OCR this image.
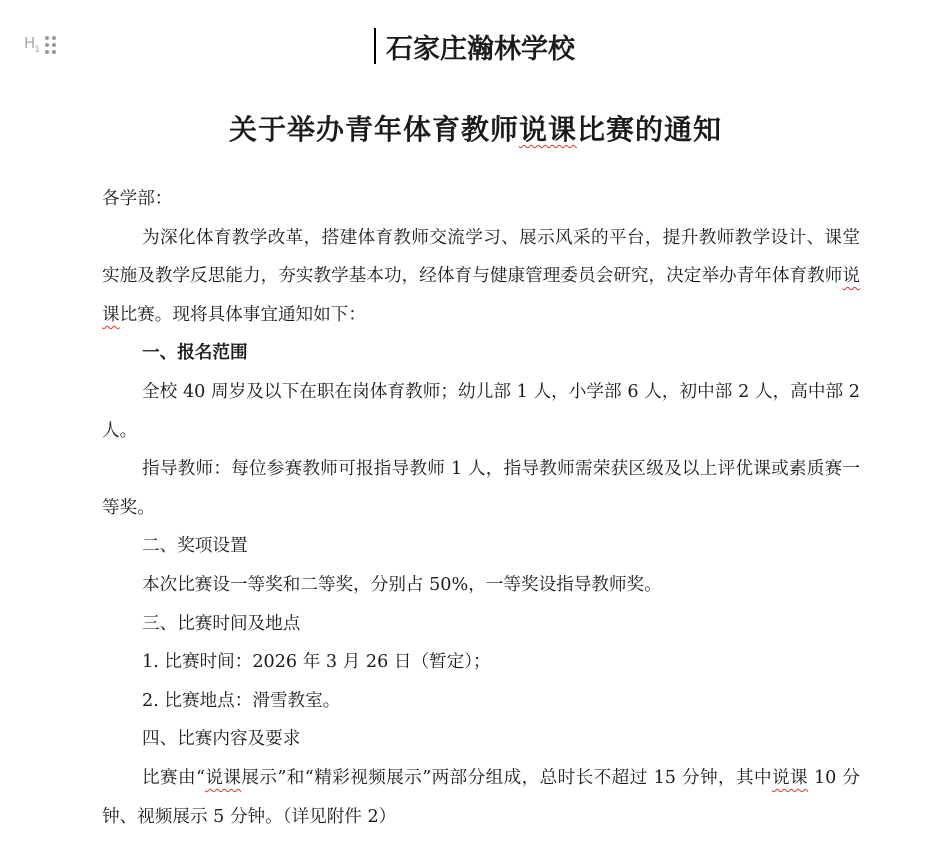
$H_1$	石家庄瀚林学校
关于举办青年体育教师说课比赛的通知

各学部：

为深化体育教学改革，搭建体育教师交流学习、展示风采的平台，提升教师教学设计、课堂实施及教学反思能力，夯实教学基本功，经体育与健康管理委员会研究，决定举办青年体育教师说课比赛。现将具体事宜通知如下：

一、报名范围

全校 40 周岁及以下在职在岗体育教师；幼儿部 1 人，小学部 6 人，初中部 2 人，高中部 2 人。

指导教师：每位参赛教师可报指导教师 1 人，指导教师需荣获区级及以上评优课或素质赛一等奖。

二、奖项设置

本次比赛设一等奖和二等奖，分别占 50%，一等奖设指导教师奖。

三、比赛时间及地点

1. 比赛时间：2026 年 3 月 26 日（暂定）；

2. 比赛地点：滑雪教室。

四、比赛内容及要求

比赛由“说课展示”和“精彩视频展示”两部分组成，总时长不超过 15 分钟，其中说课 10 分钟、视频展示 5 分钟。（详见附件 2）
